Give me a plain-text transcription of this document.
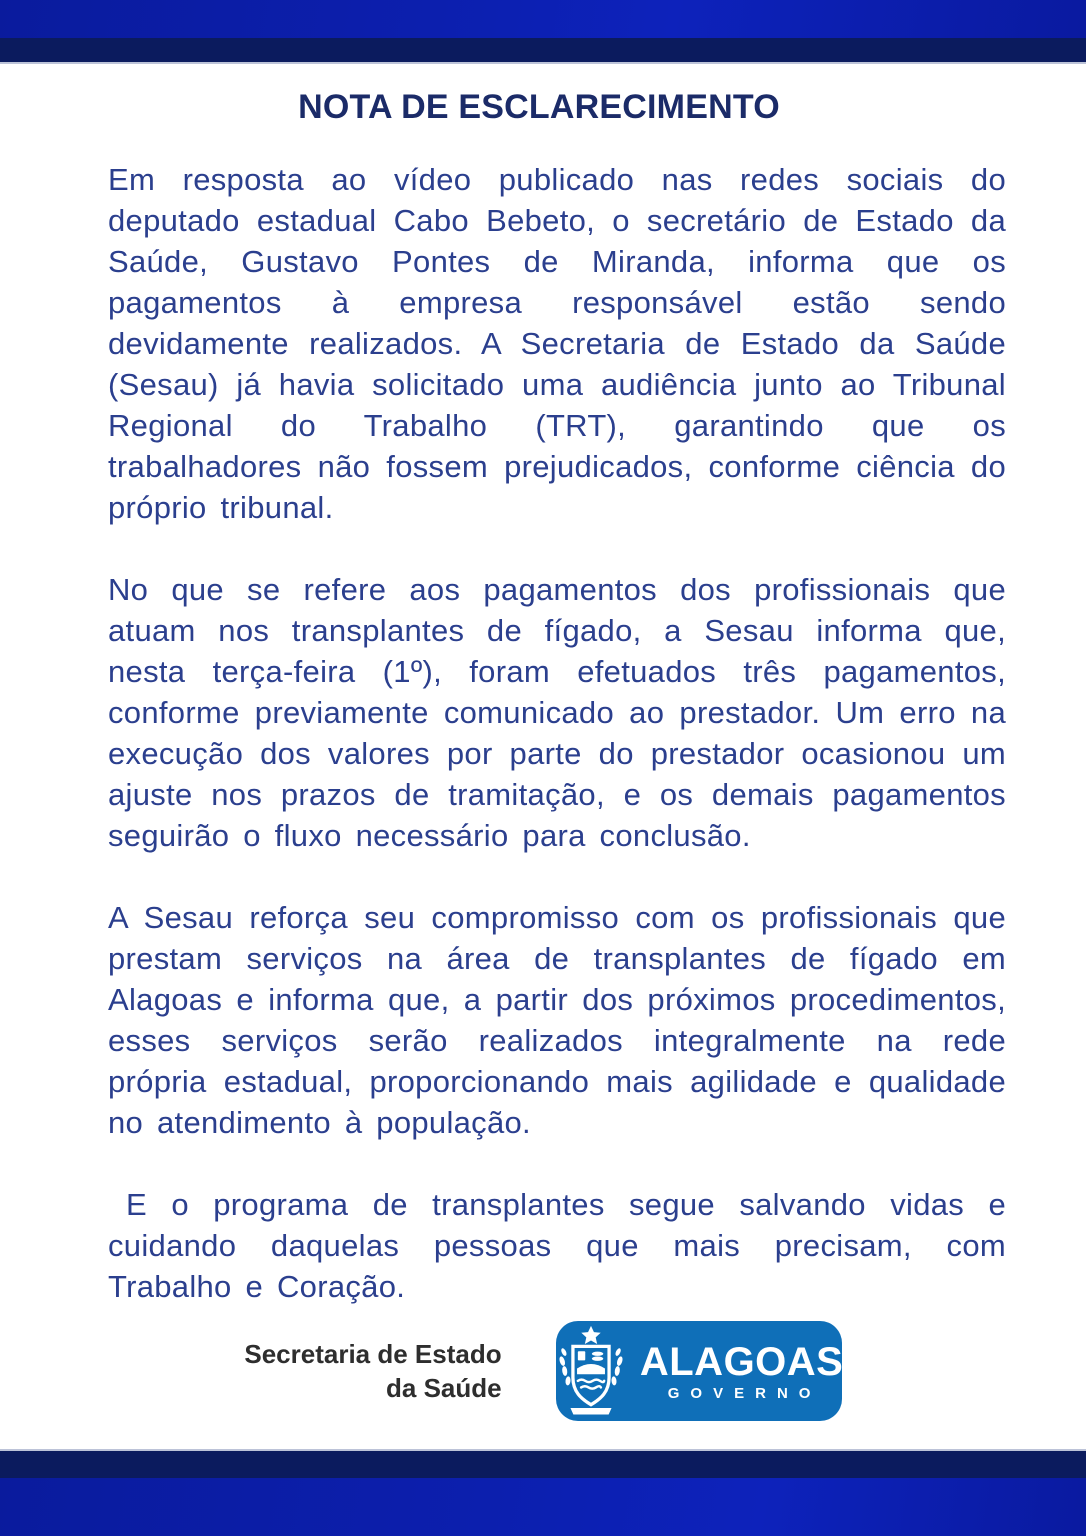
NOTA DE ESCLARECIMENTO

Em resposta ao vídeo publicado nas redes sociais do deputado estadual Cabo Bebeto, o secretário de Estado da Saúde, Gustavo Pontes de Miranda, informa que os pagamentos à empresa responsável estão sendo devidamente realizados. A Secretaria de Estado da Saúde (Sesau) já havia solicitado uma audiência junto ao Tribunal Regional do Trabalho (TRT), garantindo que os trabalhadores não fossem prejudicados, conforme ciência do próprio tribunal.

No que se refere aos pagamentos dos profissionais que atuam nos transplantes de fígado, a Sesau informa que, nesta terça-feira (1º), foram efetuados três pagamentos, conforme previamente comunicado ao prestador. Um erro na execução dos valores por parte do prestador ocasionou um ajuste nos prazos de tramitação, e os demais pagamentos seguirão o fluxo necessário para conclusão.

A Sesau reforça seu compromisso com os profissionais que prestam serviços na área de transplantes de fígado em Alagoas e informa que, a partir dos próximos procedimentos, esses serviços serão realizados integralmente na rede própria estadual, proporcionando mais agilidade e qualidade no atendimento à população.

E o programa de transplantes segue salvando vidas e cuidando daquelas pessoas que mais precisam, com Trabalho e Coração.

Secretaria de Estado
da Saúde
ALAGOAS
GOVERNO
